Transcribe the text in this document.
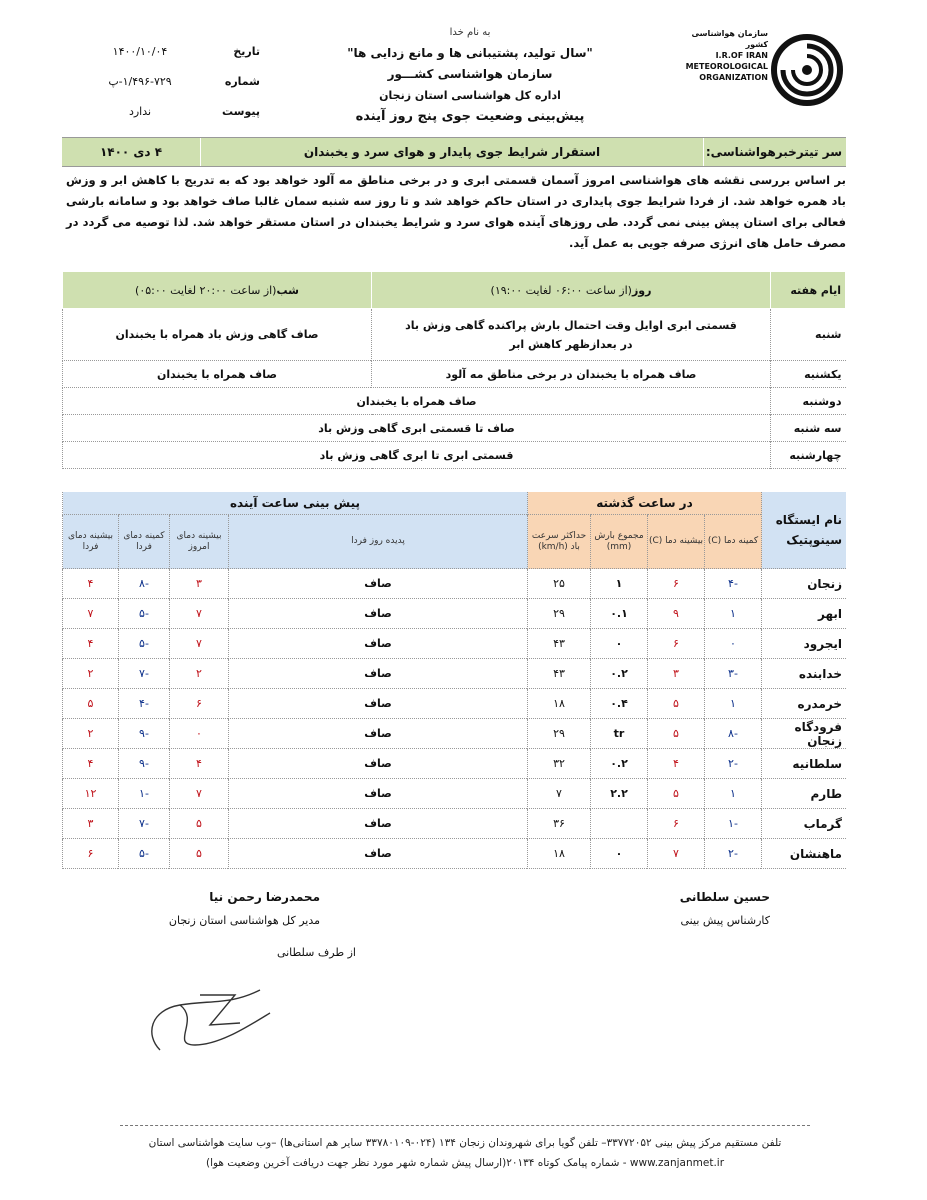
به نام خدا
"سال تولید، پشتیبانی ها و مانع زدایی ها"
سازمان هواشناسی کشـــور
اداره کل هواشناسی استان زنجان
پیش‌بینی وضعیت جوی پنج روز آینده
تاریخ
۱۴۰۰/۱۰/۰۴
شماره
۱/۴۹۶-۷۲۹-پ
پیوست
ندارد
سازمان هواشناسی کشور
I.R.OF IRAN
METEOROLOGICAL
ORGANIZATION
سر تیترخبرهواشناسی:
استقرار شرایط جوی پایدار و هوای سرد و یخبندان
۴ دی ۱۴۰۰
بر اساس بررسی نقشه های هواشناسی امروز آسمان قسمتی ابری و در برخی مناطق مه آلود خواهد بود که به تدریج با کاهش ابر و وزش باد همره خواهد شد. از فردا شرایط جوی پایداری در استان حاکم خواهد شد و تا روز سه شنبه سمان غالبا صاف خواهد بود و سامانه بارشی فعالی برای استان پیش بینی نمی گردد. طی روزهای آینده هوای سرد و شرایط یخبندان در استان مستقر خواهد شد. لذا توصیه می گردد در مصرف حامل های انرژی صرفه جویی به عمل آید.
ایام هفته	روز(از ساعت ۰۶:۰۰ لغایت ۱۹:۰۰)	شب(از ساعت ۲۰:۰۰ لغایت ۰۵:۰۰)
شنبه	قسمتی ابری اوایل وقت احتمال بارش پراکنده گاهی وزش باد
در بعدازظهر کاهش ابر	صاف گاهی وزش باد همراه با یخبندان
یکشنبه	صاف همراه با یخبندان در برخی مناطق مه آلود	صاف همراه با یخبندان
دوشنبه	صاف همراه با یخبندان	
سه شنبه	صاف تا قسمتی ابری گاهی وزش باد	
چهارشنبه	قسمتی ابری تا ابری گاهی وزش باد	
نام ایستگاه سینوپتیک	در ساعت گذشته				پیش بینی ساعت آینده			
	کمینه دما (C)	بیشینه دما (C)	مجموع بارش (mm)	حداکثر سرعت باد (km/h)	پدیده روز فردا	بیشینه دمای امروز	کمینه دمای فردا	بیشینه دمای فردا
زنجان	-۴	۶	۱	۲۵	صاف	۳	-۸	۴
ابهر	۱	۹	۰.۱	۲۹	صاف	۷	-۵	۷
ایجرود	۰	۶	۰	۴۳	صاف	۷	-۵	۴
خدابنده	-۳	۳	۰.۲	۴۳	صاف	۲	-۷	۲
خرمدره	۱	۵	۰.۴	۱۸	صاف	۶	-۴	۵
فرودگاه زنجان	-۸	۵	tr	۲۹	صاف	۰	-۹	۲
سلطانیه	-۲	۴	۰.۲	۳۲	صاف	۴	-۹	۴
طارم	۱	۵	۲.۲	۷	صاف	۷	-۱	۱۲
گرماب	-۱	۶		۳۶	صاف	۵	-۷	۳
ماهنشان	-۲	۷	۰	۱۸	صاف	۵	-۵	۶
حسین سلطانی
کارشناس پیش بینی
محمدرضا رحمن نیا
مدیر کل هواشناسی استان زنجان
از طرف سلطانی
تلفن مستقیم مرکز پیش بینی ۳۳۷۷۲۰۵۲– تلفن گویا برای شهروندان زنجان ۱۳۴ (۰۲۴-۳۳۷۸۰۱۰۹ سایر هم استانی‌ها) –وب سایت هواشناسی استان
www.zanjanmet.ir - شماره پیامک کوتاه ۲۰۱۳۴(ارسال پیش شماره شهر مورد نظر جهت دریافت آخرین وضعیت هوا)
